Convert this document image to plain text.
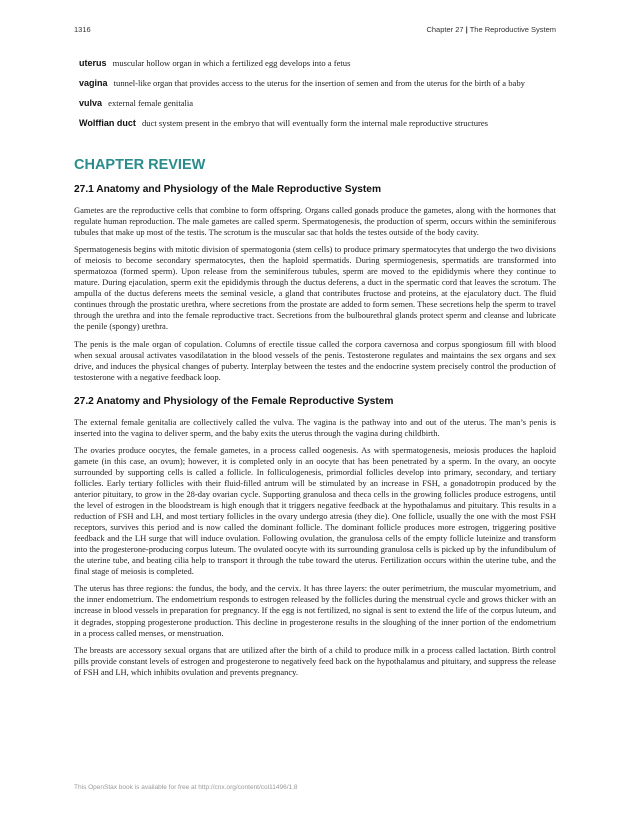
1316	Chapter 27 | The Reproductive System
uterus muscular hollow organ in which a fertilized egg develops into a fetus
vagina tunnel-like organ that provides access to the uterus for the insertion of semen and from the uterus for the birth of a baby
vulva external female genitalia
Wolffian duct duct system present in the embryo that will eventually form the internal male reproductive structures
CHAPTER REVIEW
27.1 Anatomy and Physiology of the Male Reproductive System

Gametes are the reproductive cells that combine to form offspring. Organs called gonads produce the gametes, along with the hormones that regulate human reproduction. The male gametes are called sperm. Spermatogenesis, the production of sperm, occurs within the seminiferous tubules that make up most of the testis. The scrotum is the muscular sac that holds the testes outside of the body cavity.

Spermatogenesis begins with mitotic division of spermatogonia (stem cells) to produce primary spermatocytes that undergo the two divisions of meiosis to become secondary spermatocytes, then the haploid spermatids. During spermiogenesis, spermatids are transformed into spermatozoa (formed sperm). Upon release from the seminiferous tubules, sperm are moved to the epididymis where they continue to mature. During ejaculation, sperm exit the epididymis through the ductus deferens, a duct in the spermatic cord that leaves the scrotum. The ampulla of the ductus deferens meets the seminal vesicle, a gland that contributes fructose and proteins, at the ejaculatory duct. The fluid continues through the prostatic urethra, where secretions from the prostate are added to form semen. These secretions help the sperm to travel through the urethra and into the female reproductive tract. Secretions from the bulbourethral glands protect sperm and cleanse and lubricate the penile (spongy) urethra.

The penis is the male organ of copulation. Columns of erectile tissue called the corpora cavernosa and corpus spongiosum fill with blood when sexual arousal activates vasodilatation in the blood vessels of the penis. Testosterone regulates and maintains the sex organs and sex drive, and induces the physical changes of puberty. Interplay between the testes and the endocrine system precisely control the production of testosterone with a negative feedback loop.

27.2 Anatomy and Physiology of the Female Reproductive System

The external female genitalia are collectively called the vulva. The vagina is the pathway into and out of the uterus. The man’s penis is inserted into the vagina to deliver sperm, and the baby exits the uterus through the vagina during childbirth.

The ovaries produce oocytes, the female gametes, in a process called oogenesis. As with spermatogenesis, meiosis produces the haploid gamete (in this case, an ovum); however, it is completed only in an oocyte that has been penetrated by a sperm. In the ovary, an oocyte surrounded by supporting cells is called a follicle. In folliculogenesis, primordial follicles develop into primary, secondary, and tertiary follicles. Early tertiary follicles with their fluid-filled antrum will be stimulated by an increase in FSH, a gonadotropin produced by the anterior pituitary, to grow in the 28-day ovarian cycle. Supporting granulosa and theca cells in the growing follicles produce estrogens, until the level of estrogen in the bloodstream is high enough that it triggers negative feedback at the hypothalamus and pituitary. This results in a reduction of FSH and LH, and most tertiary follicles in the ovary undergo atresia (they die). One follicle, usually the one with the most FSH receptors, survives this period and is now called the dominant follicle. The dominant follicle produces more estrogen, triggering positive feedback and the LH surge that will induce ovulation. Following ovulation, the granulosa cells of the empty follicle luteinize and transform into the progesterone-producing corpus luteum. The ovulated oocyte with its surrounding granulosa cells is picked up by the infundibulum of the uterine tube, and beating cilia help to transport it through the tube toward the uterus. Fertilization occurs within the uterine tube, and the final stage of meiosis is completed.

The uterus has three regions: the fundus, the body, and the cervix. It has three layers: the outer perimetrium, the muscular myometrium, and the inner endometrium. The endometrium responds to estrogen released by the follicles during the menstrual cycle and grows thicker with an increase in blood vessels in preparation for pregnancy. If the egg is not fertilized, no signal is sent to extend the life of the corpus luteum, and it degrades, stopping progesterone production. This decline in progesterone results in the sloughing of the inner portion of the endometrium in a process called menses, or menstruation.

The breasts are accessory sexual organs that are utilized after the birth of a child to produce milk in a process called lactation. Birth control pills provide constant levels of estrogen and progesterone to negatively feed back on the hypothalamus and pituitary, and suppress the release of FSH and LH, which inhibits ovulation and prevents pregnancy.

This OpenStax book is available for free at http://cnx.org/content/col11496/1.8
